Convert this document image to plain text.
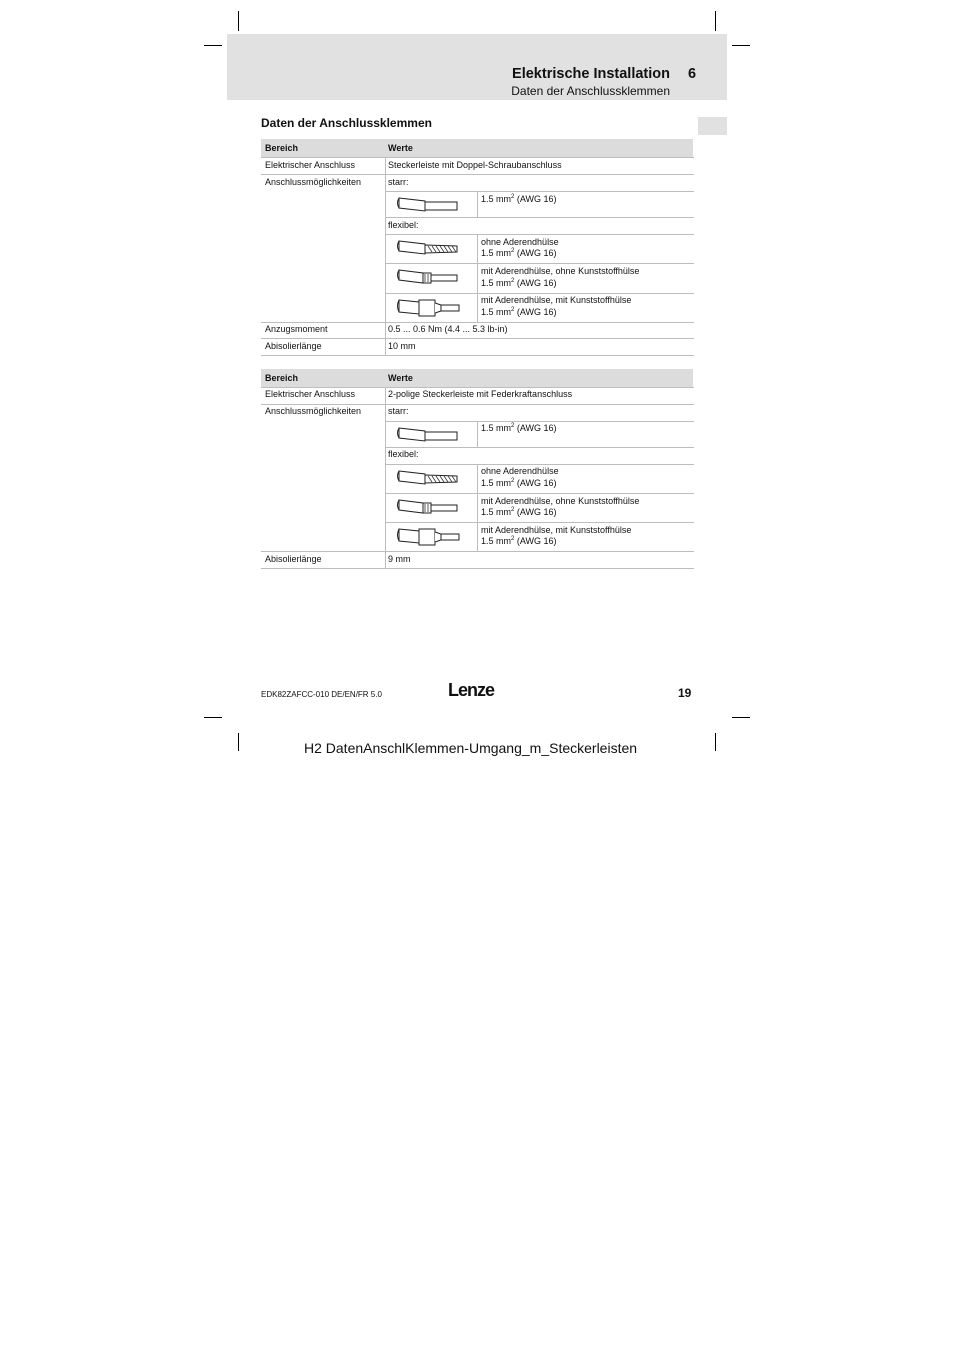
Elektrische Installation 6
Daten der Anschlussklemmen
Daten der Anschlussklemmen
Bereich	Werte
Elektrischer Anschluss	Steckerleiste mit Doppel-Schraubanschluss
Anschlussmöglichkeiten	starr:
1.5 $mm^2$ (AWG 16)
flexibel:
ohne Aderendhülse
1.5 $mm^2$ (AWG 16)
mit Aderendhülse, ohne Kunststoffhülse
1.5 $mm^2$ (AWG 16)
mit Aderendhülse, mit Kunststoffhülse
1.5 $mm^2$ (AWG 16)
Anzugsmoment	0.5 ... 0.6 Nm (4.4 ... 5.3 lb-in)
Abisolierlänge	10 mm
Bereich	Werte
Elektrischer Anschluss	2-polige Steckerleiste mit Federkraftanschluss
Anschlussmöglichkeiten	starr:
1.5 $mm^2$ (AWG 16)
flexibel:
ohne Aderendhülse
1.5 $mm^2$ (AWG 16)
mit Aderendhülse, ohne Kunststoffhülse
1.5 $mm^2$ (AWG 16)
mit Aderendhülse, mit Kunststoffhülse
1.5 $mm^2$ (AWG 16)
Abisolierlänge	9 mm
EDK82ZAFCC-010 DE/EN/FR 5.0	Lenze	19
H2 DatenAnschlKlemmen-Umgang_m_Steckerleisten
